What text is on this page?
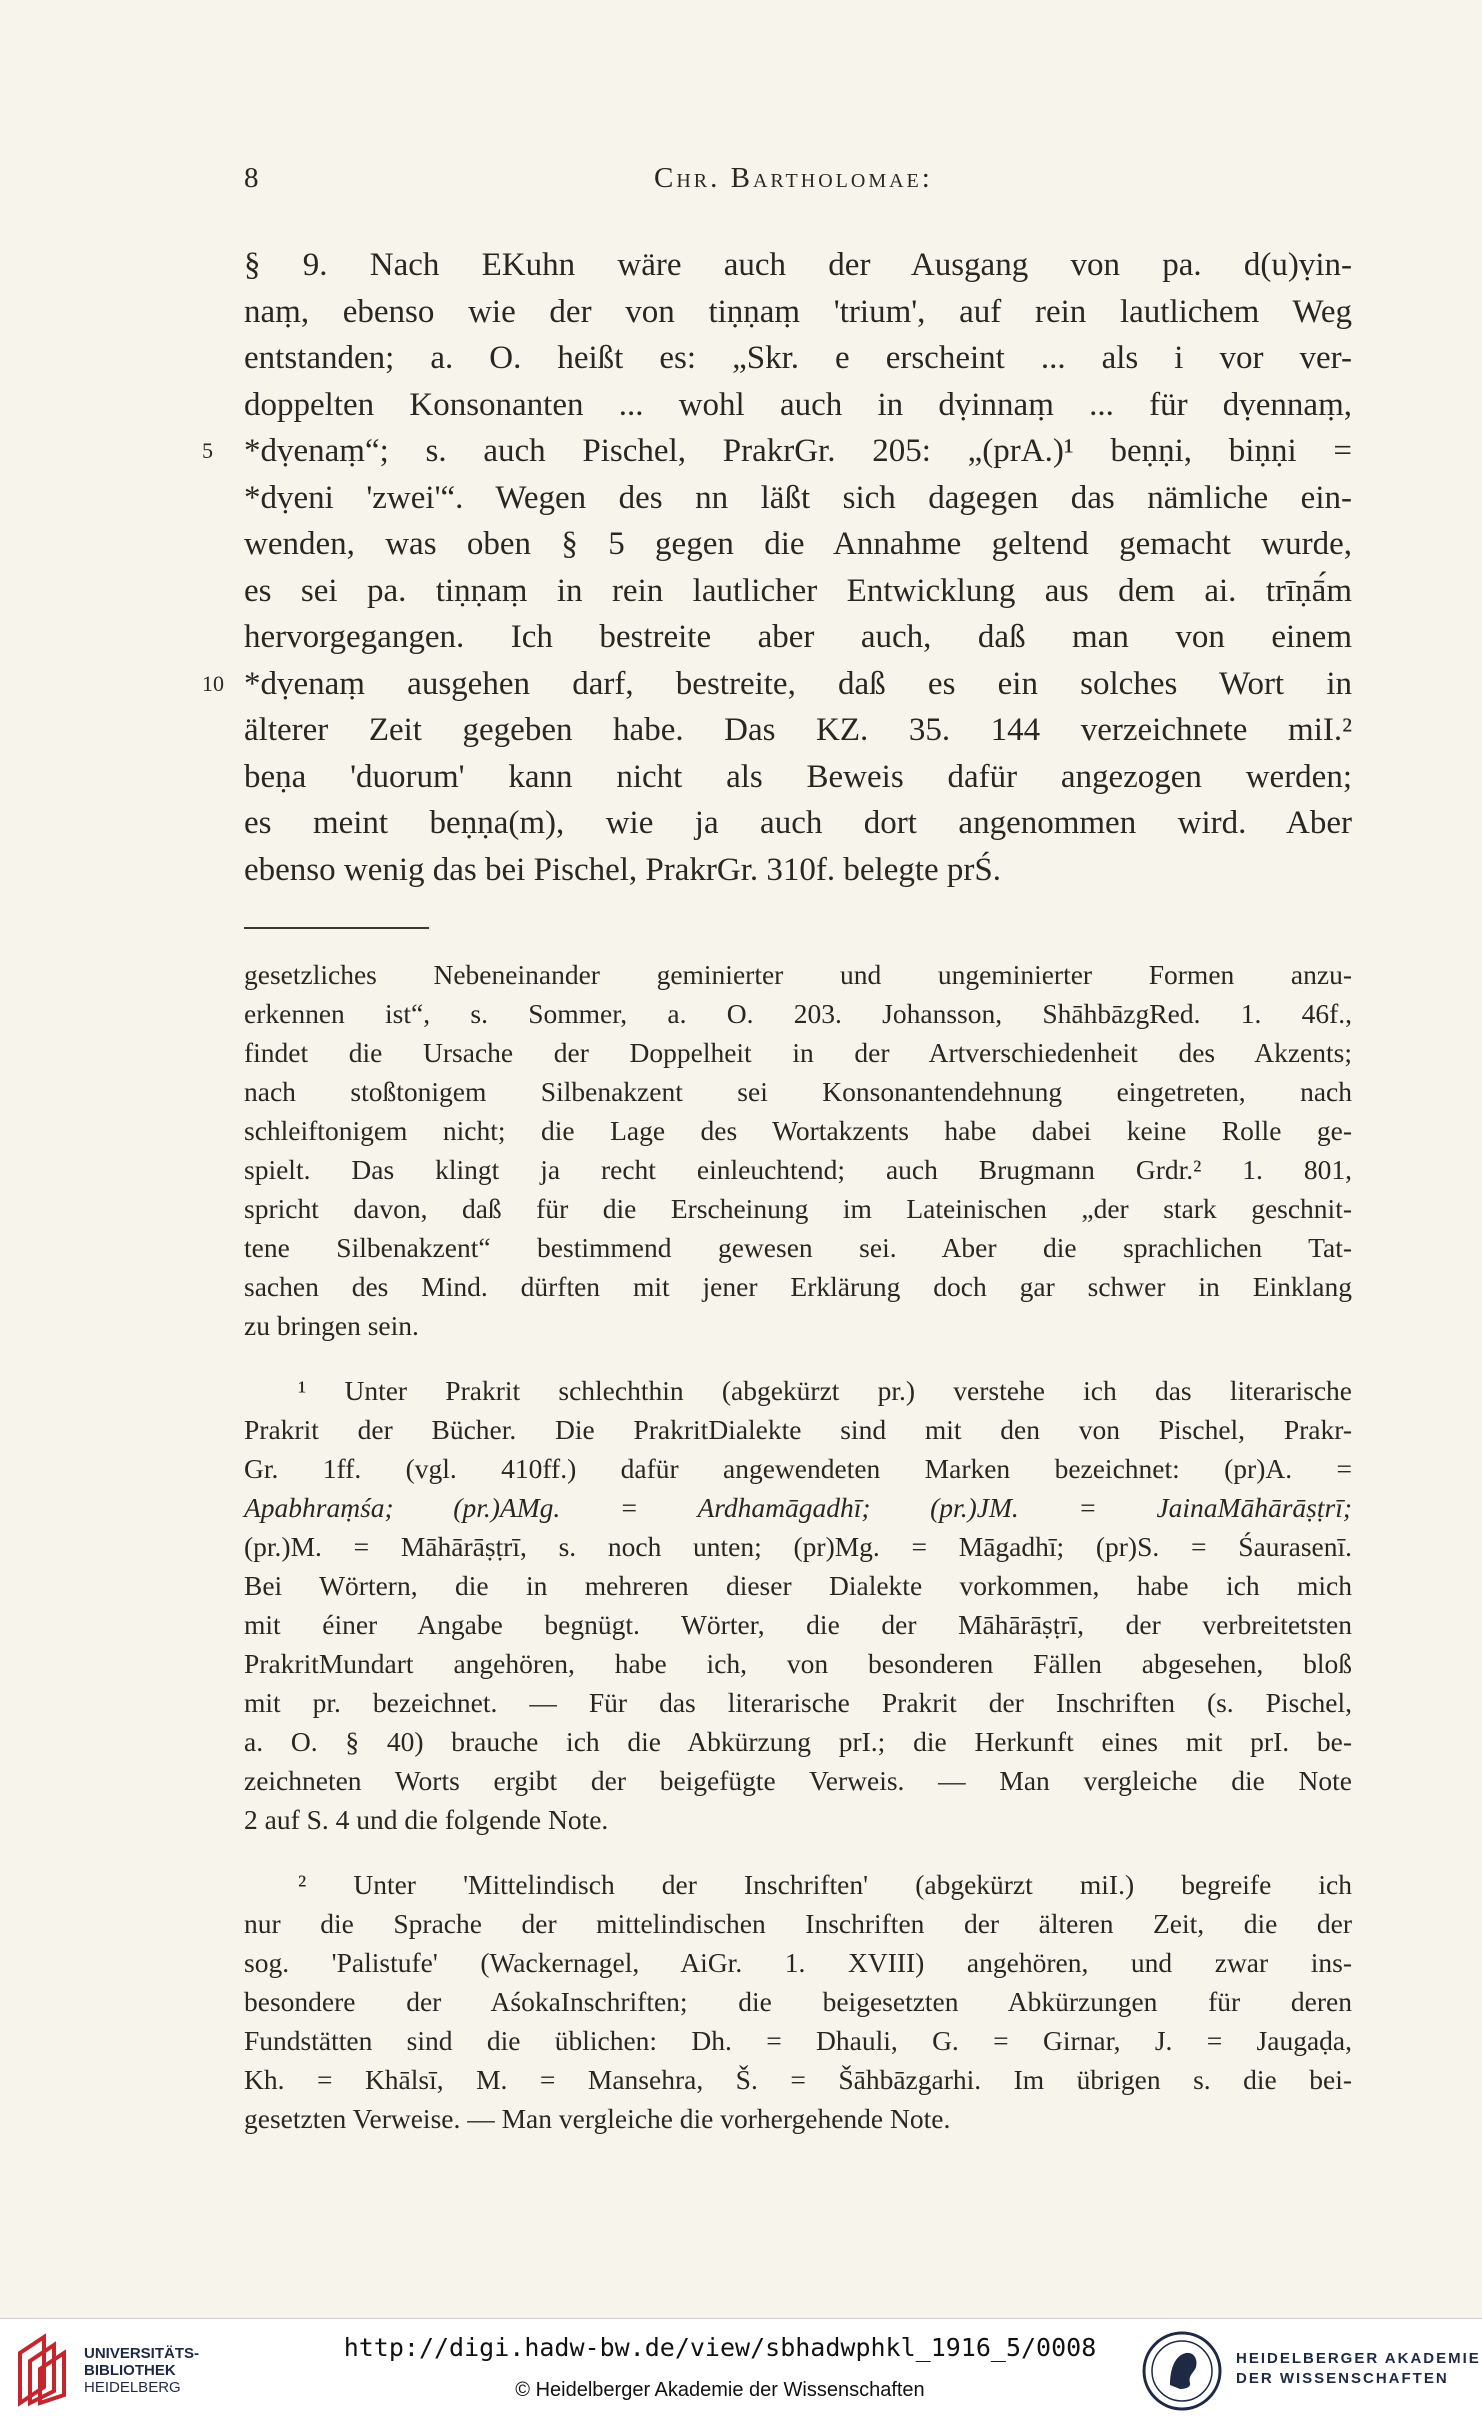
8	Chr. Bartholomae:
§ 9. Nach EKuhn wäre auch der Ausgang von pa. d(u)ṿin-
naṃ, ebenso wie der von tiṇṇaṃ 'trium', auf rein lautlichem Weg
entstanden; a. O. heißt es: „Skr. e erscheint ... als i vor ver-
doppelten Konsonanten ... wohl auch in dṿinnaṃ ... für dṿennaṃ,
5 *dṿenaṃ“; s. auch Pischel, PrakrGr. 205: „(prA.)¹ beṇṇi, biṇṇi =
*dṿeni 'zwei'“. Wegen des nn läßt sich dagegen das nämliche ein-
wenden, was oben § 5 gegen die Annahme geltend gemacht wurde,
es sei pa. tiṇṇaṃ in rein lautlicher Entwicklung aus dem ai. trīṇā́m
hervorgegangen. Ich bestreite aber auch, daß man von einem
10 *dṿenaṃ ausgehen darf, bestreite, daß es ein solches Wort in
älterer Zeit gegeben habe. Das KZ. 35. 144 verzeichnete miI.²
beṇa 'duorum' kann nicht als Beweis dafür angezogen werden;
es meint beṇṇa(m), wie ja auch dort angenommen wird. Aber
ebenso wenig das bei Pischel, PrakrGr. 310f. belegte prŚ.
gesetzliches Nebeneinander geminierter und ungeminierter Formen anzu-
erkennen ist“, s. Sommer, a. O. 203. Johansson, ShāhbāzgRed. 1. 46f.,
findet die Ursache der Doppelheit in der Artverschiedenheit des Akzents;
nach stoßtonigem Silbenakzent sei Konsonantendehnung eingetreten, nach
schleiftonigem nicht; die Lage des Wortakzents habe dabei keine Rolle ge-
spielt. Das klingt ja recht einleuchtend; auch Brugmann Grdr.² 1. 801,
spricht davon, daß für die Erscheinung im Lateinischen „der stark geschnit-
tene Silbenakzent“ bestimmend gewesen sei. Aber die sprachlichen Tat-
sachen des Mind. dürften mit jener Erklärung doch gar schwer in Einklang
zu bringen sein.
¹ Unter Prakrit schlechthin (abgekürzt pr.) verstehe ich das literarische
Prakrit der Bücher. Die PrakritDialekte sind mit den von Pischel, Prakr-
Gr. 1ff. (vgl. 410ff.) dafür angewendeten Marken bezeichnet: (pr)A. =
Apabhraṃśa; (pr.)AMg. = Ardhamāgadhī; (pr.)JM. = JainaMāhārāṣṭrī;
(pr.)M. = Māhārāṣṭrī, s. noch unten; (pr)Mg. = Māgadhī; (pr)S. = Śaurasenī.
Bei Wörtern, die in mehreren dieser Dialekte vorkommen, habe ich mich
mit éiner Angabe begnügt. Wörter, die der Māhārāṣṭrī, der verbreitetsten
PrakritMundart angehören, habe ich, von besonderen Fällen abgesehen, bloß
mit pr. bezeichnet. — Für das literarische Prakrit der Inschriften (s. Pischel,
a. O. § 40) brauche ich die Abkürzung prI.; die Herkunft eines mit prI. be-
zeichneten Worts ergibt der beigefügte Verweis. — Man vergleiche die Note
2 auf S. 4 und die folgende Note.
² Unter 'Mittelindisch der Inschriften' (abgekürzt miI.) begreife ich
nur die Sprache der mittelindischen Inschriften der älteren Zeit, die der
sog. 'Palistufe' (Wackernagel, AiGr. 1. XVIII) angehören, und zwar ins-
besondere der AśokaInschriften; die beigesetzten Abkürzungen für deren
Fundstätten sind die üblichen: Dh. = Dhauli, G. = Girnar, J. = Jaugaḍa,
Kh. = Khālsī, M. = Mansehra, Š. = Šāhbāzgarhi. Im übrigen s. die bei-
gesetzten Verweise. — Man vergleiche die vorhergehende Note.
UNIVERSITÄTS-
BIBLIOTHEK
HEIDELBERG
http://digi.hadw-bw.de/view/sbhadwphkl_1916_5/0008
© Heidelberger Akademie der Wissenschaften
HEIDELBERGER AKADEMIE
DER WISSENSCHAFTEN
